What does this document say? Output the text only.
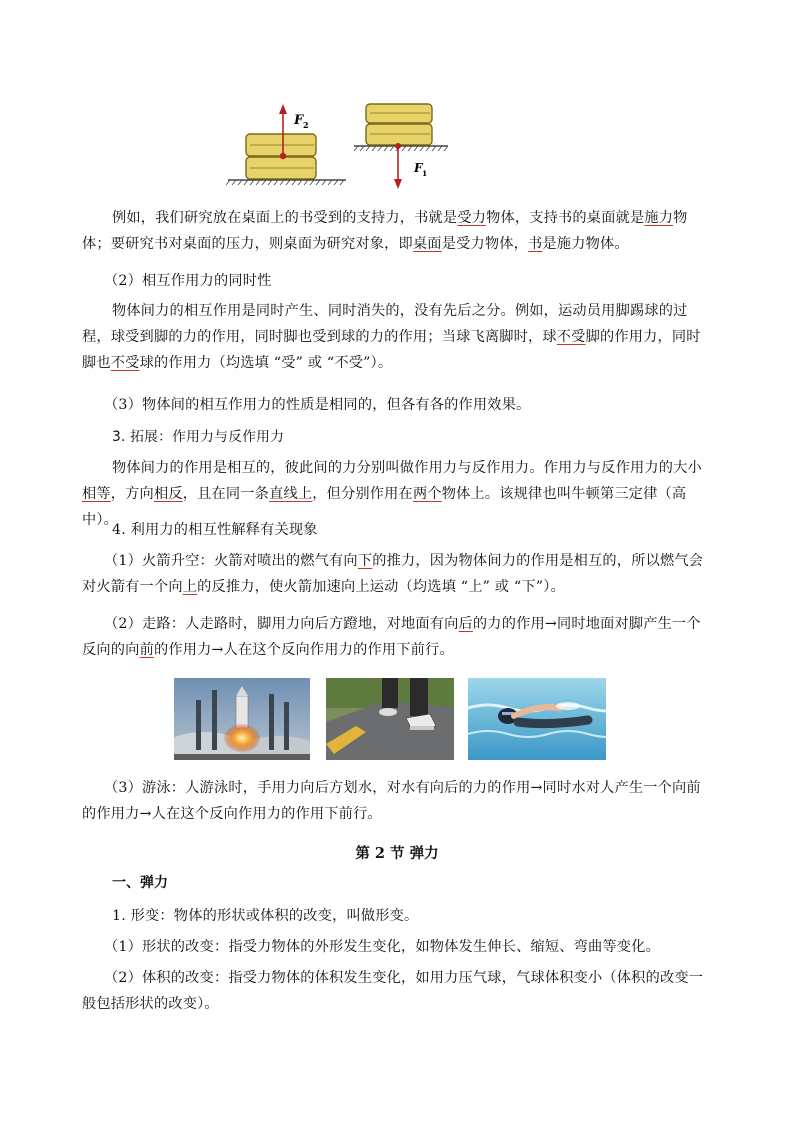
F 2
F 1
例如，我们研究放在桌面上的书受到的支持力，书就是受力物体，支持书的桌面就是施力物体；要研究书对桌面的压力，则桌面为研究对象，即桌面是受力物体，书是施力物体。
（2）相互作用力的同时性
物体间力的相互作用是同时产生、同时消失的，没有先后之分。例如，运动员用脚踢球的过程，球受到脚的力的作用，同时脚也受到球的力的作用；当球飞离脚时，球不受脚的作用力，同时脚也不受球的作用力（均选填 “受” 或 “不受”）。
（3）物体间的相互作用力的性质是相同的，但各有各的作用效果。
3. 拓展：作用力与反作用力
物体间力的作用是相互的，彼此间的力分别叫做作用力与反作用力。作用力与反作用力的大小相等，方向相反，且在同一条直线上，但分别作用在两个物体上。该规律也叫牛顿第三定律（高中）。
4. 利用力的相互性解释有关现象
（1）火箭升空：火箭对喷出的燃气有向下的推力，因为物体间力的作用是相互的，所以燃气会对火箭有一个向上的反推力，使火箭加速向上运动（均选填 “上” 或 “下”）。
（2）走路：人走路时，脚用力向后方蹬地，对地面有向后的力的作用→同时地面对脚产生一个反向的向前的作用力→人在这个反向作用力的作用下前行。
（3）游泳：人游泳时，手用力向后方划水，对水有向后的力的作用→同时水对人产生一个向前的作用力→人在这个反向作用力的作用下前行。
第 2 节 弹力
一、弹力
1. 形变：物体的形状或体积的改变，叫做形变。
（1）形状的改变：指受力物体的外形发生变化，如物体发生伸长、缩短、弯曲等变化。
（2）体积的改变：指受力物体的体积发生变化，如用力压气球，气球体积变小（体积的改变一般包括形状的改变）。
